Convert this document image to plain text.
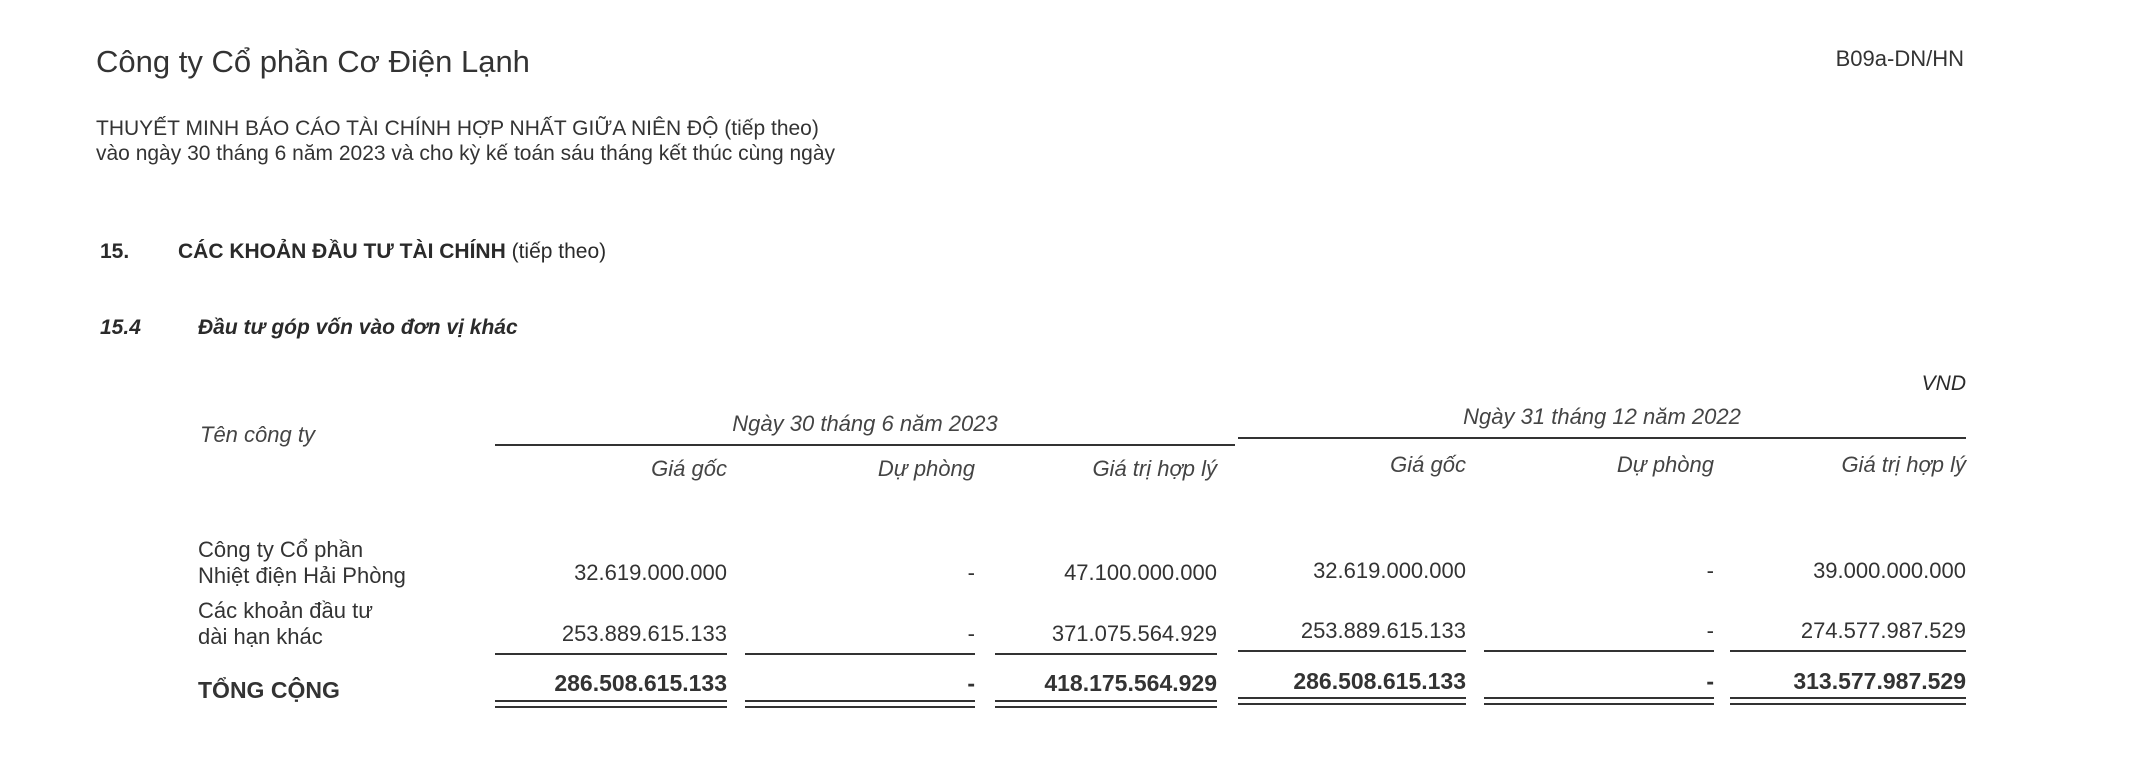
Công ty Cổ phần Cơ Điện Lạnh	B09a-DN/HN
THUYẾT MINH BÁO CÁO TÀI CHÍNH HỢP NHẤT GIỮA NIÊN ĐỘ (tiếp theo)
vào ngày 30 tháng 6 năm 2023 và cho kỳ kế toán sáu tháng kết thúc cùng ngày
15. CÁC KHOẢN ĐẦU TƯ TÀI CHÍNH (tiếp theo)
15.4	Đầu tư góp vốn vào đơn vị khác
VND
Tên công ty	Ngày 30 tháng 6 năm 2023	Ngày 31 tháng 12 năm 2022
Giá gốc	Dự phòng	Giá trị hợp lý	Giá gốc	Dự phòng	Giá trị hợp lý
Công ty Cổ phần
Nhiệt điện Hải Phòng	32.619.000.000	-	47.100.000.000	32.619.000.000	-	39.000.000.000
Các khoản đầu tư
dài hạn khác	253.889.615.133	-	371.075.564.929	253.889.615.133	-	274.577.987.529
TỔNG CỘNG	286.508.615.133	-	418.175.564.929	286.508.615.133	-	313.577.987.529
